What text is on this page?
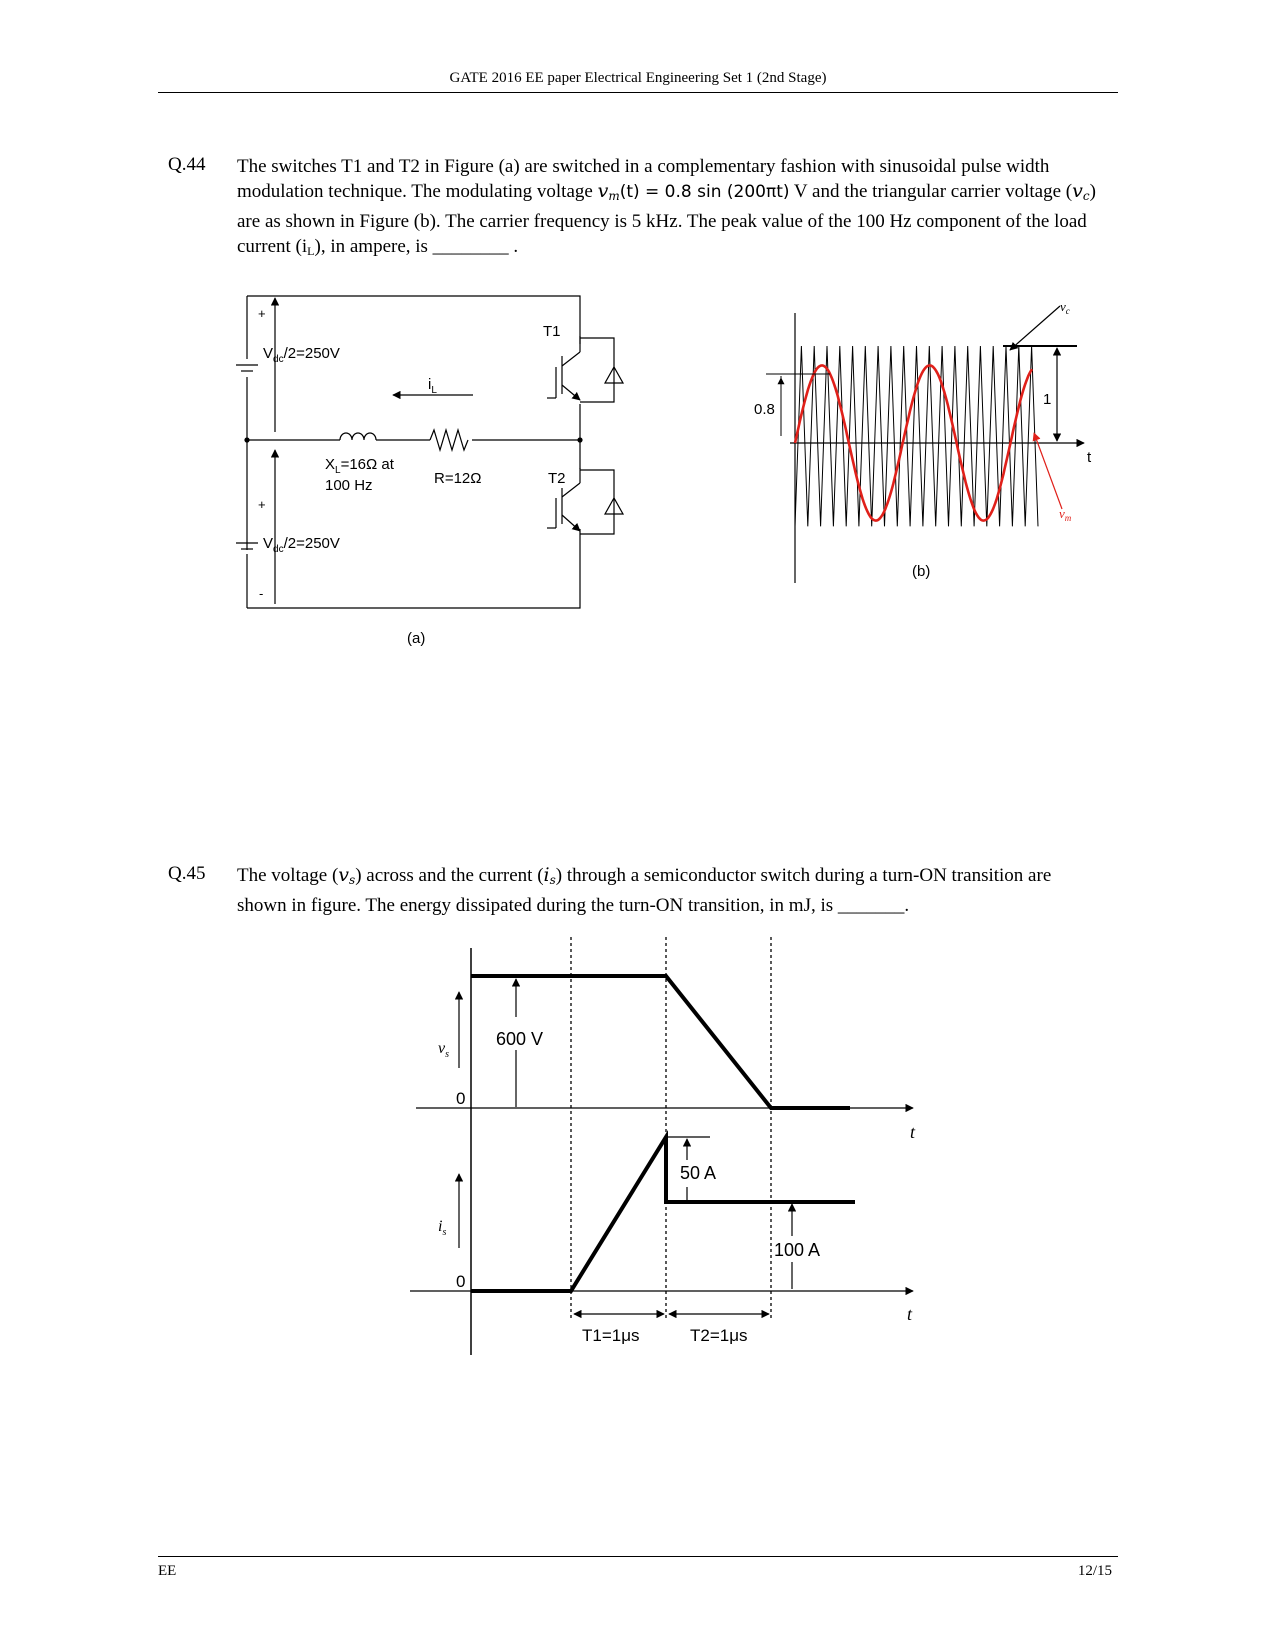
GATE 2016 EE paper Electrical Engineering Set 1 (2nd Stage)
Q.44 The switches T1 and T2 in Figure (a) are switched in a complementary fashion with sinusoidal pulse width modulation technique. The modulating voltage $v_m(t) = 0.8$ sin (200πt) V and the triangular carrier voltage $(v_c)$ are as shown in Figure (b). The carrier frequency is 5 kHz. The peak value of the 100 Hz component of the load current $(i_L)$, in ampere, is ________ .
Q.45 The voltage $(v_s)$ across and the current $(i_s)$ through a semiconductor switch during a turn-ON transition are shown in figure. The energy dissipated during the turn-ON transition, in mJ, is _______.
EE	12/15
+
$V_{dc}/2=250V$
T1
$i_L$
$X_L=16\Omega$ at
100 Hz	R=12Ω	T2
+
$V_{dc}/2=250V$
-
(a)
$v_c$
0.8
1
t
$v_m$
(b)
$v_s$
600 V
0
t
50 A
$i_s$
100 A
0
t
T1=1μs	T2=1μs
